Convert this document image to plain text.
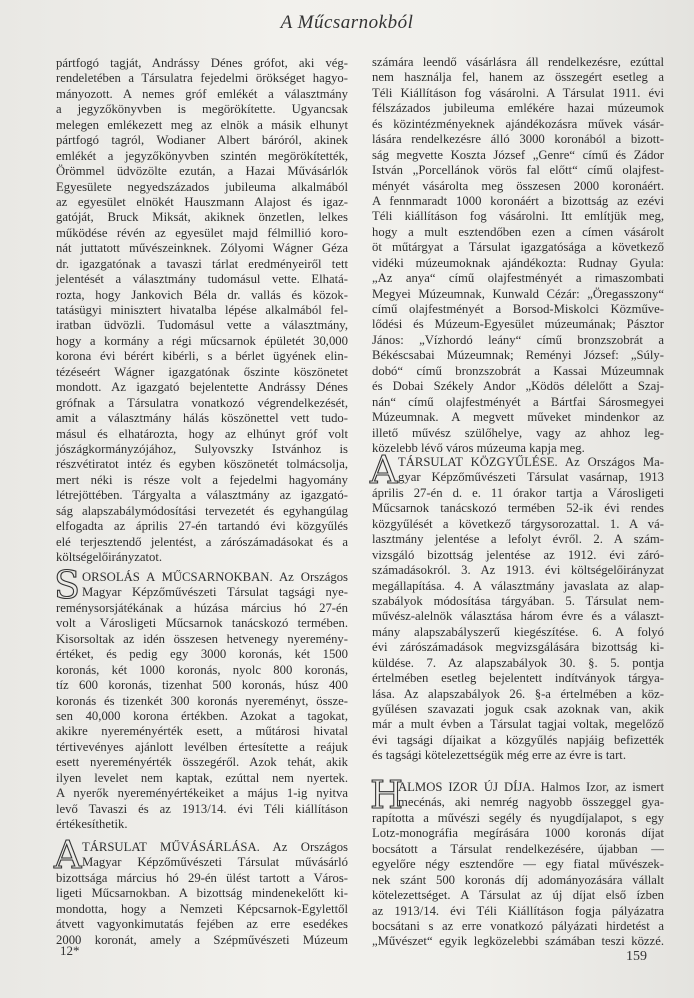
A Műcsarnokból
pártfogó tagját, Andrássy Dénes grófot, aki vég-
rendeletében a Társulatra fejedelmi örökséget hagyo-
mányozott. A nemes gróf emlékét a választmány
a jegyzőkönyvben is megörökítette. Ugyancsak
melegen emlékezett meg az elnök a másik elhunyt
pártfogó tagról, Wodianer Albert báróról, akinek
emlékét a jegyzőkönyvben szintén megörökítették,
Örömmel üdvözölte ezután, a Hazai Művásárlók
Egyesülete negyedszázados jubileuma alkalmából
az egyesület elnökét Hauszmann Alajost és igaz-
gatóját, Bruck Miksát, akiknek önzetlen, lelkes
működése révén az egyesület majd félmillió koro-
nát juttatott művészeinknek. Zólyomi Wágner Géza
dr. igazgatónak a tavaszi tárlat eredményeiről tett
jelentését a választmány tudomásul vette. Elhatá-
rozta, hogy Jankovich Béla dr. vallás és közok-
tatásügyi minisztert hivatalba lépése alkalmából fel-
iratban üdvözli. Tudomásul vette a választmány,
hogy a kormány a régi műcsarnok épületét 30,000
korona évi bérért kibérli, s a bérlet ügyének elin-
tézéseért Wágner igazgatónak őszinte köszönetet
mondott. Az igazgató bejelentette Andrássy Dénes
grófnak a Társulatra vonatkozó végrendelkezését,
amit a választmány hálás köszönettel vett tudo-
másul és elhatározta, hogy az elhúnyt gróf volt
jószágkormányzójához, Sulyovszky Istvánhoz is
részvétiratot intéz és egyben köszönetét tolmácsolja,
mert néki is része volt a fejedelmi hagyomány
létrejöttében. Tárgyalta a választmány az igazgató-
ság alapszabálymódosítási tervezetét és egyhangúlag
elfogadta az április 27-én tartandó évi közgyűlés
elé terjesztendő jelentést, a zárószámadásokat és a
költségelőirányzatot.
S ORSOLÁS A MŰCSARNOKBAN. Az Országos
Magyar Képzőművészeti Társulat tagsági nye-
reménysorsjátékának a húzása március hó 27-én
volt a Városligeti Műcsarnok tanácskozó termében.
Kisorsoltak az idén összesen hetvenegy nyeremény-
értéket, és pedig egy 3000 koronás, két 1500
koronás, két 1000 koronás, nyolc 800 koronás,
tíz 600 koronás, tizenhat 500 koronás, húsz 400
koronás és tizenkét 300 koronás nyereményt, össze-
sen 40,000 korona értékben. Azokat a tagokat,
akikre nyereményérték esett, a műtárosi hivatal
tértivevényes ajánlott levélben értesítette a reájuk
esett nyereményérték összegéről. Azok tehát, akik
ilyen levelet nem kaptak, ezúttal nem nyertek.
A nyerők nyereményértékeiket a május 1-ig nyitva
levő Tavaszi és az 1913/14. évi Téli kiállításon
értékesíthetik.
A TÁRSULAT MŰVÁSÁRLÁSA. Az Országos
Magyar Képzőművészeti Társulat művásárló
bizottsága március hó 29-én ülést tartott a Város-
ligeti Műcsarnokban. A bizottság mindenekelőtt ki-
mondotta, hogy a Nemzeti Képcsarnok-Egylettől
átvett vagyonkimutatás fejében az erre esedékes
2000 koronát, amely a Szépművészeti Múzeum
12*
számára leendő vásárlásra áll rendelkezésre, ezúttal
nem használja fel, hanem az összegért esetleg a
Téli Kiállításon fog vásárolni. A Társulat 1911. évi
félszázados jubileuma emlékére hazai múzeumok
és közintézményeknek ajándékozásra művek vásár-
lására rendelkezésre álló 3000 koronából a bizott-
ság megvette Koszta József „Genre“ című és Zádor
István „Porcellánok vörös fal előtt“ című olajfest-
ményét vásárolta meg összesen 2000 koronáért.
A fennmaradt 1000 koronáért a bizottság az ezévi
Téli kiállításon fog vásárolni. Itt említjük meg,
hogy a mult esztendőben ezen a címen vásárolt
öt műtárgyat a Társulat igazgatósága a következő
vidéki múzeumoknak ajándékozta: Rudnay Gyula:
„Az anya“ című olajfestményét a rimaszombati
Megyei Múzeumnak, Kunwald Cézár: „Öregasszony“
című olajfestményét a Borsod-Miskolci Közműve-
lődési és Múzeum-Egyesület múzeumának; Pásztor
János: „Vízhordó leány“ című bronzszobrát a
Békéscsabai Múzeumnak; Reményi József: „Súly-
dobó“ című bronzszobrát a Kassai Múzeumnak
és Dobai Székely Andor „Ködös délelőtt a Szaj-
nán“ című olajfestményét a Bártfai Sárosmegyei
Múzeumnak. A megvett műveket mindenkor az
illető művész szülőhelye, vagy az ahhoz leg-
közelebb lévő város múzeuma kapja meg.
A TÁRSULAT KÖZGYŰLÉSE. Az Országos Ma-
gyar Képzőművészeti Társulat vasárnap, 1913
április 27-én d. e. 11 órakor tartja a Városligeti
Műcsarnok tanácskozó termében 52-ik évi rendes
közgyűlését a következő tárgysorozattal. 1. A vá-
lasztmány jelentése a lefolyt évről. 2. A szám-
vizsgáló bizottság jelentése az 1912. évi záró-
számadásokról. 3. Az 1913. évi költségelőirányzat
megállapítása. 4. A választmány javaslata az alap-
szabályok módosítása tárgyában. 5. Társulat nem-
művész-alelnök választása három évre és a választ-
mány alapszabályszerű kiegészítése. 6. A folyó
évi zárószámadások megvizsgálására bizottság ki-
küldése. 7. Az alapszabályok 30. §. 5. pontja
értelmében esetleg bejelentett indítványok tárgya-
lása. Az alapszabályok 26. §-a értelmében a köz-
gyűlésen szavazati joguk csak azoknak van, akik
már a mult évben a Társulat tagjai voltak, megelőző
évi tagsági díjaikat a közgyűlés napjáig befizették
és tagsági kötelezettségük még erre az évre is tart.
H
ALMOS IZOR ÚJ DÍJA. Halmos Izor, az ismert
mecénás, aki nemrég nagyobb összeggel gya-
rapította a művészi segély és nyugdíjalapot, s egy
Lotz-monográfia megírására 1000 koronás díjat
bocsátott a Társulat rendelkezésére, újabban —
egyelőre négy esztendőre — egy fiatal művészek-
nek szánt 500 koronás díj adományozására vállalt
kötelezettséget. A Társulat az új díjat első ízben
az 1913/14. évi Téli Kiállításon fogja pályázatra
bocsátani s az erre vonatkozó pályázati hirdetést a
„Művészet“ egyik legközelebbi számában teszi közzé.
159
